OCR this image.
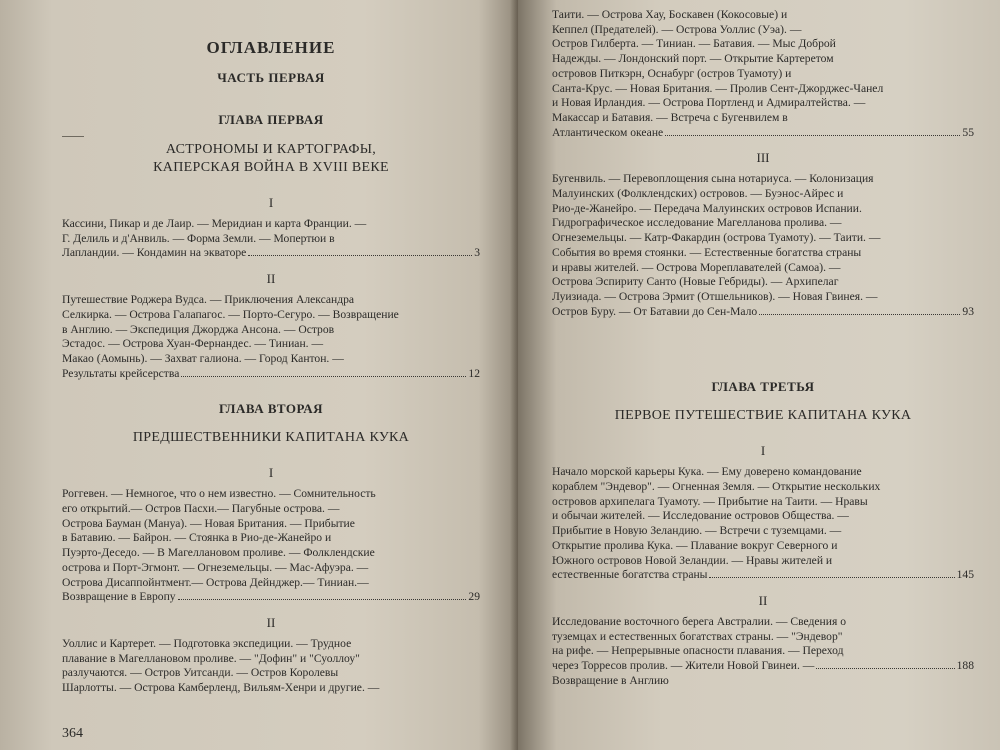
ОГЛАВЛЕНИЕ
ЧАСТЬ ПЕРВАЯ
ГЛАВА ПЕРВАЯ
АСТРОНОМЫ И КАРТОГРАФЫ,
КАПЕРСКАЯ ВОЙНА В XVIII ВЕКЕ
I
Кассини, Пикар и де Лаир. — Меридиан и карта Франции. —
Г. Делиль и д'Анвиль. — Форма Земли. — Мопертюи в
Лапландии. — Кондамин на экваторе	3
II
Путешествие Роджера Вудса. — Приключения Александра
Селкирка. — Острова Галапагос. — Порто-Сегуро. — Возвращение
в Англию. — Экспедиция Джорджа Ансона. — Остров
Эстадос. — Острова Хуан-Фернандес. — Тиниан. —
Макао (Аомынь). — Захват галиона. — Город Кантон. —
Результаты крейсерства	12
ГЛАВА ВТОРАЯ
ПРЕДШЕСТВЕННИКИ КАПИТАНА КУКА
I
Роггевен. — Немногое, что о нем известно. — Сомнительность
его открытий.— Остров Пасхи.— Пагубные острова. —
Острова Бауман (Мануа). — Новая Британия. — Прибытие
в Батавию. — Байрон. — Стоянка в Рио-де-Жанейро и
Пуэрто-Деседо. — В Магеллановом проливе. — Фолклендские
острова и Порт-Эгмонт. — Огнеземельцы. — Мас-Афуэра. —
Острова Дисаппойнтмент.— Острова Дейнджер.— Тиниан.—
Возвращение в Европу	29
II
Уоллис и Картерет. — Подготовка экспедиции. — Трудное
плавание в Магеллановом проливе. — "Дофин" и "Суоллоу"
разлучаются. — Остров Уитсанди. — Остров Королевы
Шарлотты. — Острова Камберленд, Вильям-Хенри и другие. —
364
Таити. — Острова Хау, Боскавен (Кокосовые) и
Кеппел (Предателей). — Острова Уоллис (Уэа). —
Остров Гилберта. — Тиниан. — Батавия. — Мыс Доброй
Надежды. — Лондонский порт. — Открытие Картеретом
островов Питкэрн, Оснабург (остров Туамоту) и
Санта-Крус. — Новая Британия. — Пролив Сент-Джорджес-Чанел
и Новая Ирландия. — Острова Портленд и Адмиралтейства. —
Макассар и Батавия. — Встреча с Бугенвилем в
Атлантическом океане	55
III
Бугенвиль. — Перевоплощения сына нотариуса. — Колонизация
Малуинских (Фолклендских) островов. — Буэнос-Айрес и
Рио-де-Жанейро. — Передача Малуинских островов Испании.
Гидрографическое исследование Магелланова пролива. —
Огнеземельцы. — Катр-Факардин (острова Туамоту). — Таити. —
События во время стоянки. — Естественные богатства страны
и нравы жителей. — Острова Мореплавателей (Самоа). —
Острова Эспириту Санто (Новые Гебриды). — Архипелаг
Луизиада. — Острова Эрмит (Отшельников). — Новая Гвинея. —
Остров Буру. — От Батавии до Сен-Мало	93
ГЛАВА ТРЕТЬЯ
ПЕРВОЕ ПУТЕШЕСТВИЕ КАПИТАНА КУКА
I
Начало морской карьеры Кука. — Ему доверено командование
кораблем "Эндевор". — Огненная Земля. — Открытие нескольких
островов архипелага Туамоту. — Прибытие на Таити. — Нравы
и обычаи жителей. — Исследование островов Общества. —
Прибытие в Новую Зеландию. — Встречи с туземцами. —
Открытие пролива Кука. — Плавание вокруг Северного и
Южного островов Новой Зеландии. — Нравы жителей и
естественные богатства страны	145
II
Исследование восточного берега Австралии. — Сведения о
туземцах и естественных богатствах страны. — "Эндевор"
на рифе. — Непрерывные опасности плавания. — Переход
через Торресов пролив. — Жители Новой Гвинеи. —	188
Возвращение в Англию
